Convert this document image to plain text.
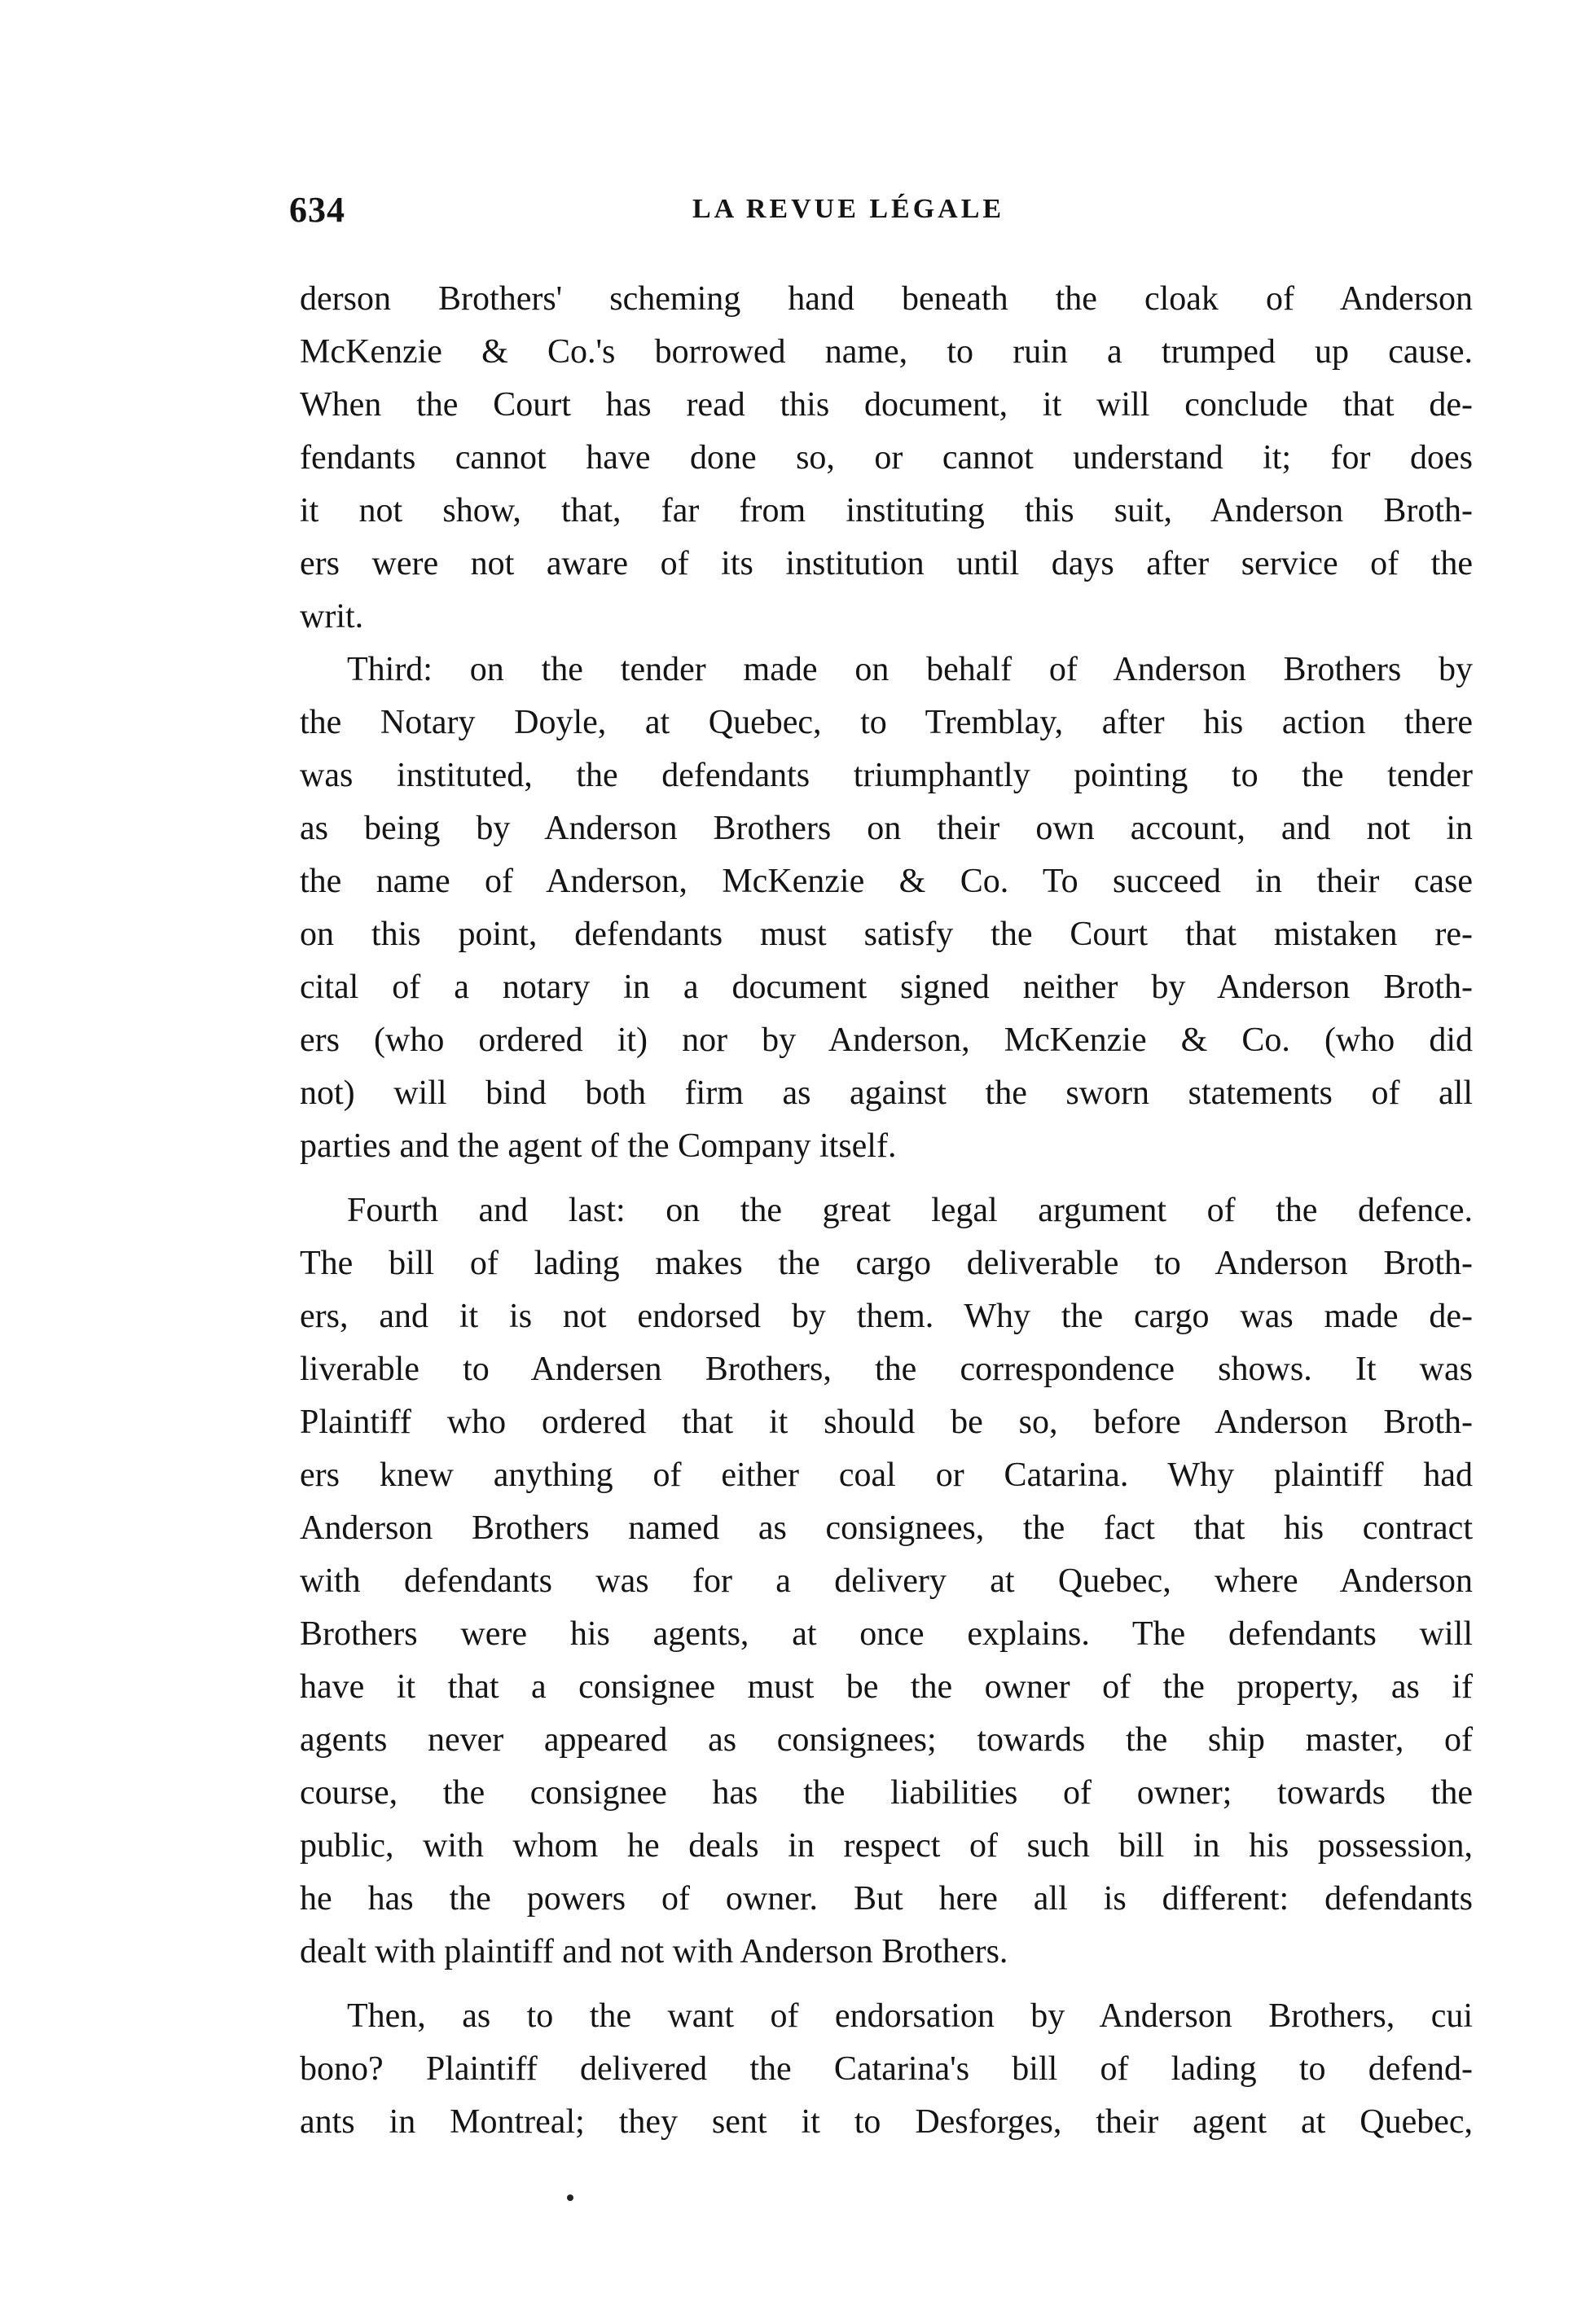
634	LA REVUE LÉGALE
derson Brothers' scheming hand beneath the cloak of Anderson
McKenzie & Co.'s borrowed name, to ruin a trumped up cause.
When the Court has read this document, it will conclude that de-
fendants cannot have done so, or cannot understand it; for does
it not show, that, far from instituting this suit, Anderson Broth-
ers were not aware of its institution until days after service of the
writ.
Third: on the tender made on behalf of Anderson Brothers by
the Notary Doyle, at Quebec, to Tremblay, after his action there
was instituted, the defendants triumphantly pointing to the tender
as being by Anderson Brothers on their own account, and not in
the name of Anderson, McKenzie & Co. To succeed in their case
on this point, defendants must satisfy the Court that mistaken re-
cital of a notary in a document signed neither by Anderson Broth-
ers (who ordered it) nor by Anderson, McKenzie & Co. (who did
not) will bind both firm as against the sworn statements of all
parties and the agent of the Company itself.
Fourth and last: on the great legal argument of the defence.
The bill of lading makes the cargo deliverable to Anderson Broth-
ers, and it is not endorsed by them. Why the cargo was made de-
liverable to Andersen Brothers, the correspondence shows. It was
Plaintiff who ordered that it should be so, before Anderson Broth-
ers knew anything of either coal or Catarina. Why plaintiff had
Anderson Brothers named as consignees, the fact that his contract
with defendants was for a delivery at Quebec, where Anderson
Brothers were his agents, at once explains. The defendants will
have it that a consignee must be the owner of the property, as if
agents never appeared as consignees; towards the ship master, of
course, the consignee has the liabilities of owner; towards the
public, with whom he deals in respect of such bill in his possession,
he has the powers of owner. But here all is different: defendants
dealt with plaintiff and not with Anderson Brothers.
Then, as to the want of endorsation by Anderson Brothers, cui
bono? Plaintiff delivered the Catarina's bill of lading to defend-
ants in Montreal; they sent it to Desforges, their agent at Quebec,
